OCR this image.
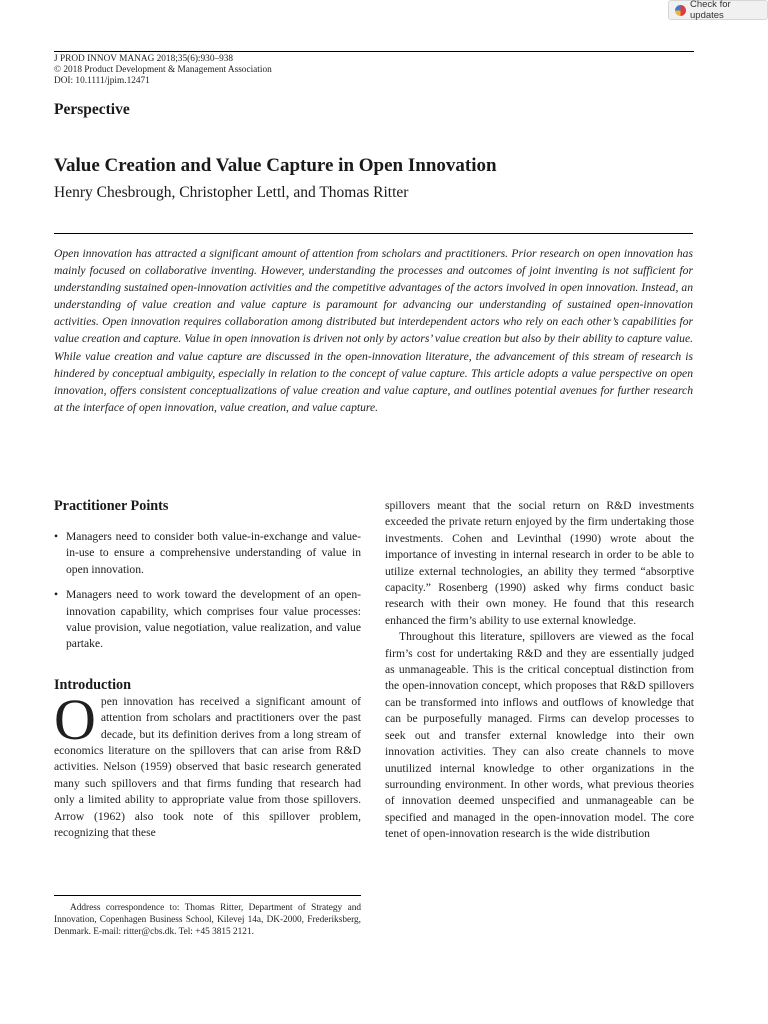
Check for updates
J PROD INNOV MANAG 2018;35(6):930–938
© 2018 Product Development & Management Association
DOI: 10.1111/jpim.12471
Perspective
Value Creation and Value Capture in Open Innovation
Henry Chesbrough, Christopher Lettl, and Thomas Ritter
Open innovation has attracted a significant amount of attention from scholars and practitioners. Prior research on open innovation has mainly focused on collaborative inventing. However, understanding the processes and outcomes of joint inventing is not sufficient for understanding sustained open-innovation activities and the competitive advantages of the actors involved in open innovation. Instead, an understanding of value creation and value capture is paramount for advancing our understanding of sustained open-innovation activities. Open innovation requires collaboration among distributed but interdependent actors who rely on each other’s capabilities for value creation and capture. Value in open innovation is driven not only by actors’ value creation but also by their ability to capture value. While value creation and value capture are discussed in the open-innovation literature, the advancement of this stream of research is hindered by conceptual ambiguity, especially in relation to the concept of value capture. This article adopts a value perspective on open innovation, offers consistent conceptualizations of value creation and value capture, and outlines potential avenues for further research at the interface of open innovation, value creation, and value capture.
Practitioner Points
• Managers need to consider both value-in-exchange and value-in-use to ensure a comprehensive understanding of value in open innovation.
• Managers need to work toward the development of an open-innovation capability, which comprises four value processes: value provision, value negotiation, value realization, and value partake.
Introduction

Open innovation has received a significant amount of attention from scholars and practitioners over the past decade, but its definition derives from a long stream of economics literature on the spillovers that can arise from R&D activities. Nelson (1959) observed that basic research generated many such spillovers and that firms funding that research had only a limited ability to appropriate value from those spillovers. Arrow (1962) also took note of this spillover problem, recognizing that these

Address correspondence to: Thomas Ritter, Department of Strategy and Innovation, Copenhagen Business School, Kilevej 14a, DK-2000, Frederiksberg, Denmark. E-mail: ritter@cbs.dk. Tel: +45 3815 2121.

spillovers meant that the social return on R&D investments exceeded the private return enjoyed by the firm undertaking those investments. Cohen and Levinthal (1990) wrote about the importance of investing in internal research in order to be able to utilize external technologies, an ability they termed “absorptive capacity.” Rosenberg (1990) asked why firms conduct basic research with their own money. He found that this research enhanced the firm’s ability to use external knowledge.

Throughout this literature, spillovers are viewed as the focal firm’s cost for undertaking R&D and they are essentially judged as unmanageable. This is the critical conceptual distinction from the open-innovation concept, which proposes that R&D spillovers can be transformed into inflows and outflows of knowledge that can be purposefully managed. Firms can develop processes to seek out and transfer external knowledge into their own innovation activities. They can also create channels to move unutilized internal knowledge to other organizations in the surrounding environment. In other words, what previous theories of innovation deemed unspecified and unmanageable can be specified and managed in the open-innovation model. The core tenet of open-innovation research is the wide distribution
